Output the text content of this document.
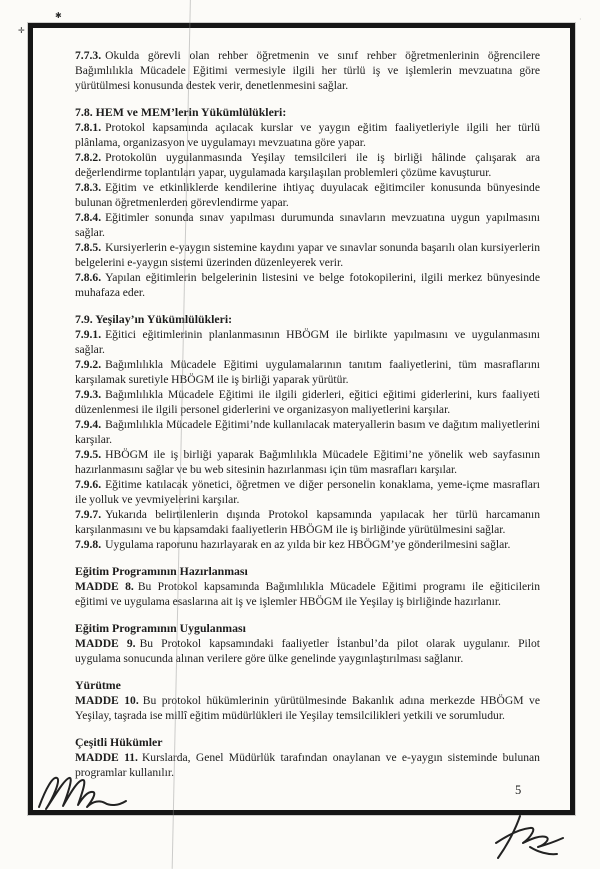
✱
✛
·

7.7.3. Okulda görevli olan rehber öğretmenin ve sınıf rehber öğretmenlerinin öğrencilere Bağımlılıkla Mücadele Eğitimi vermesiyle ilgili her türlü iş ve işlemlerin mevzuatına göre yürütülmesi konusunda destek verir, denetlenmesini sağlar.

7.8. HEM ve MEM’lerin Yükümlülükleri:

7.8.1. Protokol kapsamında açılacak kurslar ve yaygın eğitim faaliyetleriyle ilgili her türlü plânlama, organizasyon ve uygulamayı mevzuatına göre yapar.

7.8.2. Protokolün uygulanmasında Yeşilay temsilcileri ile iş birliği hâlinde çalışarak ara değerlendirme toplantıları yapar, uygulamada karşılaşılan problemleri çözüme kavuşturur.

7.8.3. Eğitim ve etkinliklerde kendilerine ihtiyaç duyulacak eğitimciler konusunda bünyesinde bulunan öğretmenlerden görevlendirme yapar.

7.8.4. Eğitimler sonunda sınav yapılması durumunda sınavların mevzuatına uygun yapılmasını sağlar.

7.8.5. Kursiyerlerin e-yaygın sistemine kaydını yapar ve sınavlar sonunda başarılı olan kursiyerlerin belgelerini e-yaygın sistemi üzerinden düzenleyerek verir.

7.8.6. Yapılan eğitimlerin belgelerinin listesini ve belge fotokopilerini, ilgili merkez bünyesinde muhafaza eder.

7.9. Yeşilay’ın Yükümlülükleri:

7.9.1. Eğitici eğitimlerinin planlanmasının HBÖGM ile birlikte yapılmasını ve uygulanmasını sağlar.

7.9.2. Bağımlılıkla Mücadele Eğitimi uygulamalarının tanıtım faaliyetlerini, tüm masraflarını karşılamak suretiyle HBÖGM ile iş birliği yaparak yürütür.

7.9.3. Bağımlılıkla Mücadele Eğitimi ile ilgili giderleri, eğitici eğitimi giderlerini, kurs faaliyeti düzenlenmesi ile ilgili personel giderlerini ve organizasyon maliyetlerini karşılar.

7.9.4. Bağımlılıkla Mücadele Eğitimi’nde kullanılacak materyallerin basım ve dağıtım maliyetlerini karşılar.

7.9.5. HBÖGM ile iş birliği yaparak Bağımlılıkla Mücadele Eğitimi’ne yönelik web sayfasının hazırlanmasını sağlar ve bu web sitesinin hazırlanması için tüm masrafları karşılar.

7.9.6. Eğitime katılacak yönetici, öğretmen ve diğer personelin konaklama, yeme-içme masrafları ile yolluk ve yevmiyelerini karşılar.

7.9.7. Yukarıda belirtilenlerin dışında Protokol kapsamında yapılacak her türlü harcamanın karşılanmasını ve bu kapsamdaki faaliyetlerin HBÖGM ile iş birliğinde yürütülmesini sağlar.

7.9.8. Uygulama raporunu hazırlayarak en az yılda bir kez HBÖGM’ye gönderilmesini sağlar.

Eğitim Programının Hazırlanması

MADDE 8. Bu Protokol kapsamında Bağımlılıkla Mücadele Eğitimi programı ile eğiticilerin eğitimi ve uygulama esaslarına ait iş ve işlemler HBÖGM ile Yeşilay iş birliğinde hazırlanır.

Eğitim Programının Uygulanması

MADDE 9. Bu Protokol kapsamındaki faaliyetler İstanbul’da pilot olarak uygulanır. Pilot uygulama sonucunda alınan verilere göre ülke genelinde yaygınlaştırılması sağlanır.

Yürütme

MADDE 10. Bu protokol hükümlerinin yürütülmesinde Bakanlık adına merkezde HBÖGM ve Yeşilay, taşrada ise millî eğitim müdürlükleri ile Yeşilay temsilcilikleri yetkili ve sorumludur.

Çeşitli Hükümler

MADDE 11. Kurslarda, Genel Müdürlük tarafından onaylanan ve e-yaygın sisteminde bulunan programlar kullanılır.

5
